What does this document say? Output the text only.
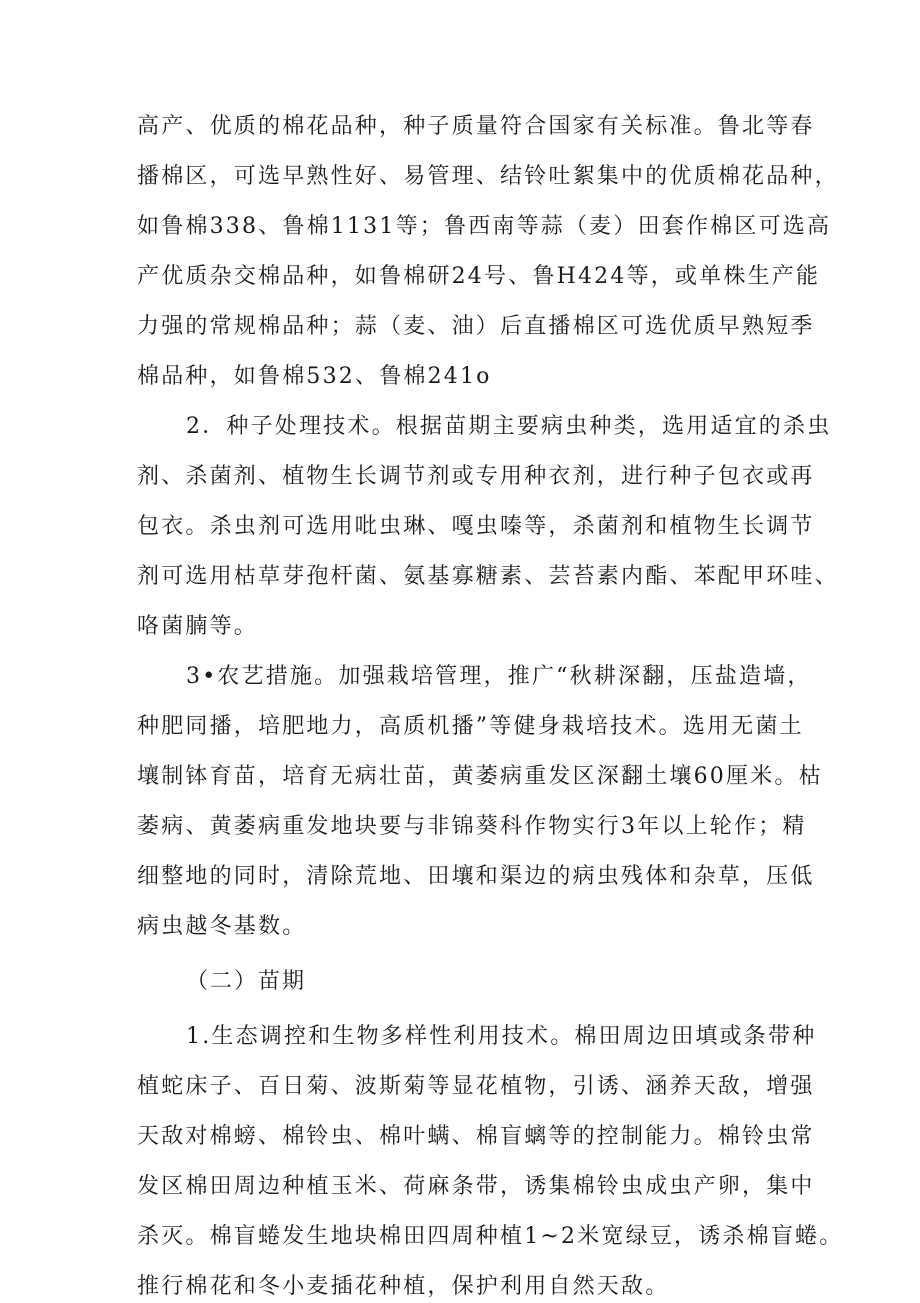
高产、优质的棉花品种，种子质量符合国家有关标准。鲁北等春
播棉区，可选早熟性好、易管理、结铃吐絮集中的优质棉花品种，
如鲁棉338、鲁棉1131等；鲁西南等蒜（麦）田套作棉区可选高
产优质杂交棉品种，如鲁棉研24号、鲁H424等，或单株生产能
力强的常规棉品种；蒜（麦、油）后直播棉区可选优质早熟短季
棉品种，如鲁棉532、鲁棉241o
2．种子处理技术。根据苗期主要病虫种类，选用适宜的杀虫
剂、杀菌剂、植物生长调节剂或专用种衣剂，进行种子包衣或再
包衣。杀虫剂可选用吡虫琳、嘎虫嗪等，杀菌剂和植物生长调节
剂可选用枯草芽孢杆菌、氨基寡糖素、芸苔素内酯、苯配甲环哇、
咯菌腩等。
3•农艺措施。加强栽培管理，推广“秋耕深翻，压盐造墙，
种肥同播，培肥地力，高质机播”等健身栽培技术。选用无菌土
壤制钵育苗，培育无病壮苗，黄萎病重发区深翻土壤60厘米。枯
萎病、黄萎病重发地块要与非锦葵科作物实行3年以上轮作；精
细整地的同时，清除荒地、田壤和渠边的病虫残体和杂草，压低
病虫越冬基数。
（二）苗期
1.生态调控和生物多样性利用技术。棉田周边田填或条带种
植蛇床子、百日菊、波斯菊等显花植物，引诱、涵养天敌，增强
天敌对棉螃、棉铃虫、棉叶螨、棉盲螭等的控制能力。棉铃虫常
发区棉田周边种植玉米、荷麻条带，诱集棉铃虫成虫产卵，集中
杀灭。棉盲蜷发生地块棉田四周种植1~2米宽绿豆，诱杀棉盲蜷。
推行棉花和冬小麦插花种植，保护利用自然天敌。
